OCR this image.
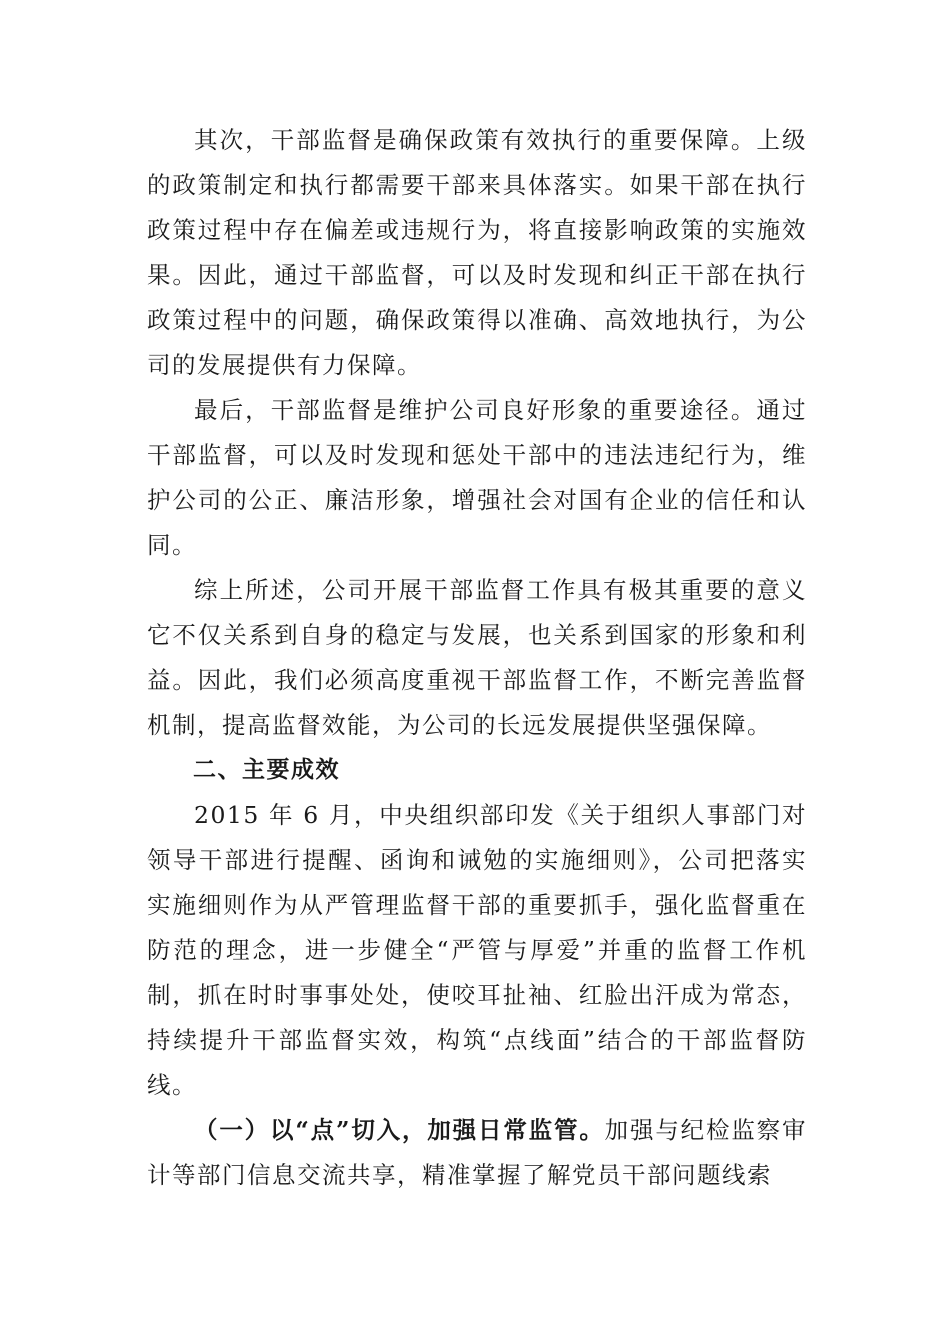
其次，干部监督是确保政策有效执行的重要保障。上级的政策制定和执行都需要干部来具体落实。如果干部在执行政策过程中存在偏差或违规行为，将直接影响政策的实施效果。因此，通过干部监督，可以及时发现和纠正干部在执行政策过程中的问题，确保政策得以准确、高效地执行，为公司的发展提供有力保障。

最后，干部监督是维护公司良好形象的重要途径。通过干部监督，可以及时发现和惩处干部中的违法违纪行为，维护公司的公正、廉洁形象，增强社会对国有企业的信任和认同。

综上所述，公司开展干部监督工作具有极其重要的意义它不仅关系到自身的稳定与发展，也关系到国家的形象和利益。因此，我们必须高度重视干部监督工作，不断完善监督机制，提高监督效能，为公司的长远发展提供坚强保障。

二、主要成效

2015 年 6 月，中央组织部印发《关于组织人事部门对领导干部进行提醒、函询和诫勉的实施细则》，公司把落实实施细则作为从严管理监督干部的重要抓手，强化监督重在防范的理念，进一步健全“严管与厚爱”并重的监督工作机制，抓在时时事事处处，使咬耳扯袖、红脸出汗成为常态，持续提升干部监督实效，构筑“点线面”结合的干部监督防线。

（一）以“点”切入，加强日常监管。加强与纪检监察审计等部门信息交流共享，精准掌握了解党员干部问题线索
